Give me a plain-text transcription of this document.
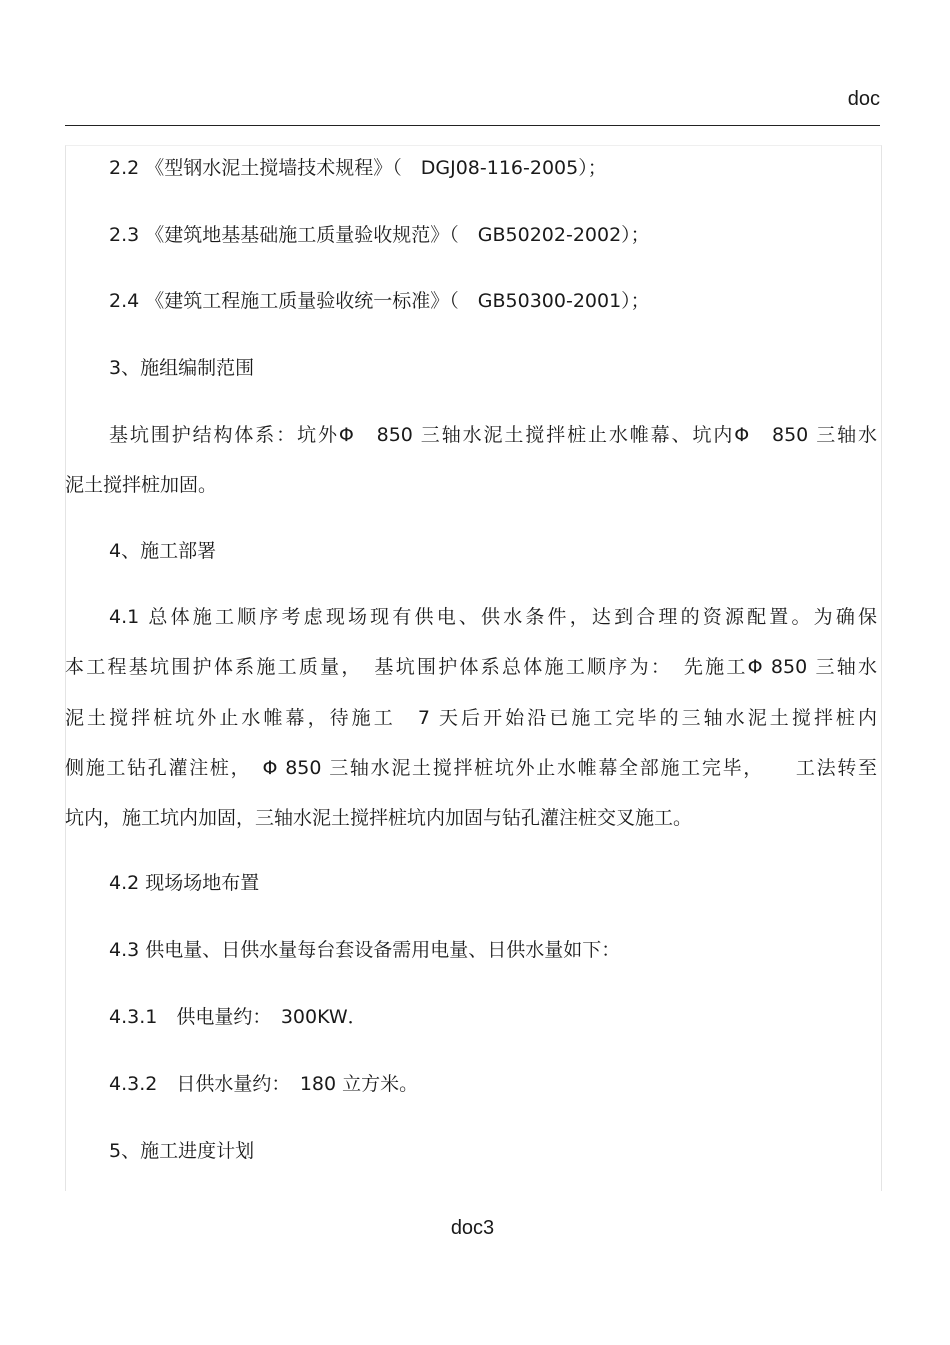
doc
2.2 《型钢水泥土搅墙技术规程》（　DGJ08-116-2005）；
2.3 《建筑地基基础施工质量验收规范》（　GB50202-2002）；
2.4 《建筑工程施工质量验收统一标准》（　GB50300-2001）；
3、施组编制范围
基坑围护结构体系：坑外Φ　850 三轴水泥土搅拌桩止水帷幕、坑内Φ　850 三轴水
泥土搅拌桩加固。
4、施工部署
4.1 总体施工顺序考虑现场现有供电、供水条件，达到合理的资源配置。为确保
本工程基坑围护体系施工质量，　基坑围护体系总体施工顺序为：　先施工Φ 850 三轴水
泥土搅拌桩坑外止水帷幕，待施工　7 天后开始沿已施工完毕的三轴水泥土搅拌桩内
侧施工钻孔灌注桩，　Φ 850 三轴水泥土搅拌桩坑外止水帷幕全部施工完毕，　　工法转至
坑内，施工坑内加固，三轴水泥土搅拌桩坑内加固与钻孔灌注桩交叉施工。
4.2 现场场地布置
4.3 供电量、日供水量每台套设备需用电量、日供水量如下：
4.3.1　供电量约：　300KW．
4.3.2　日供水量约：　180 立方米。
5、施工进度计划
doc3
